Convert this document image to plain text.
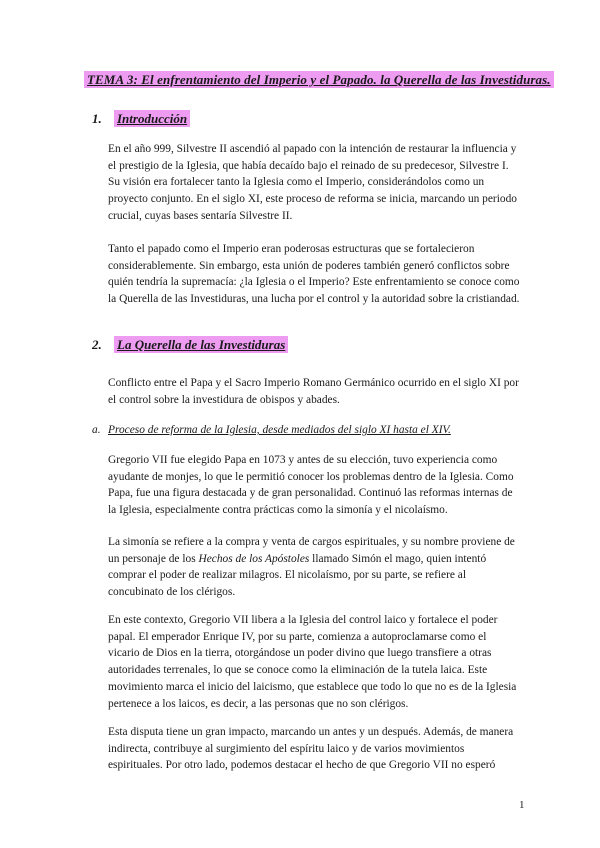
TEMA 3: El enfrentamiento del Imperio y el Papado. la Querella de las Investiduras.
1. Introducción

En el año 999, Silvestre II ascendió al papado con la intención de restaurar la influencia y el prestigio de la Iglesia, que había decaído bajo el reinado de su predecesor, Silvestre I. Su visión era fortalecer tanto la Iglesia como el Imperio, considerándolos como un proyecto conjunto. En el siglo XI, este proceso de reforma se inicia, marcando un periodo crucial, cuyas bases sentaría Silvestre II.

Tanto el papado como el Imperio eran poderosas estructuras que se fortalecieron considerablemente. Sin embargo, esta unión de poderes también generó conflictos sobre quién tendría la supremacía: ¿la Iglesia o el Imperio? Este enfrentamiento se conoce como la Querella de las Investiduras, una lucha por el control y la autoridad sobre la cristiandad.

2. La Querella de las Investiduras

Conflicto entre el Papa y el Sacro Imperio Romano Germánico ocurrido en el siglo XI por el control sobre la investidura de obispos y abades.

a. Proceso de reforma de la Iglesia, desde mediados del siglo XI hasta el XIV.

Gregorio VII fue elegido Papa en 1073 y antes de su elección, tuvo experiencia como ayudante de monjes, lo que le permitió conocer los problemas dentro de la Iglesia. Como Papa, fue una figura destacada y de gran personalidad. Continuó las reformas internas de la Iglesia, especialmente contra prácticas como la simonía y el nicolaísmo.

La simonía se refiere a la compra y venta de cargos espirituales, y su nombre proviene de un personaje de los Hechos de los Apóstoles llamado Simón el mago, quien intentó comprar el poder de realizar milagros. El nicolaísmo, por su parte, se refiere al concubinato de los clérigos.

En este contexto, Gregorio VII libera a la Iglesia del control laico y fortalece el poder papal. El emperador Enrique IV, por su parte, comienza a autoproclamarse como el vicario de Dios en la tierra, otorgándose un poder divino que luego transfiere a otras autoridades terrenales, lo que se conoce como la eliminación de la tutela laica. Este movimiento marca el inicio del laicismo, que establece que todo lo que no es de la Iglesia pertenece a los laicos, es decir, a las personas que no son clérigos.

Esta disputa tiene un gran impacto, marcando un antes y un después. Además, de manera indirecta, contribuye al surgimiento del espíritu laico y de varios movimientos espirituales. Por otro lado, podemos destacar el hecho de que Gregorio VII no esperó

1
